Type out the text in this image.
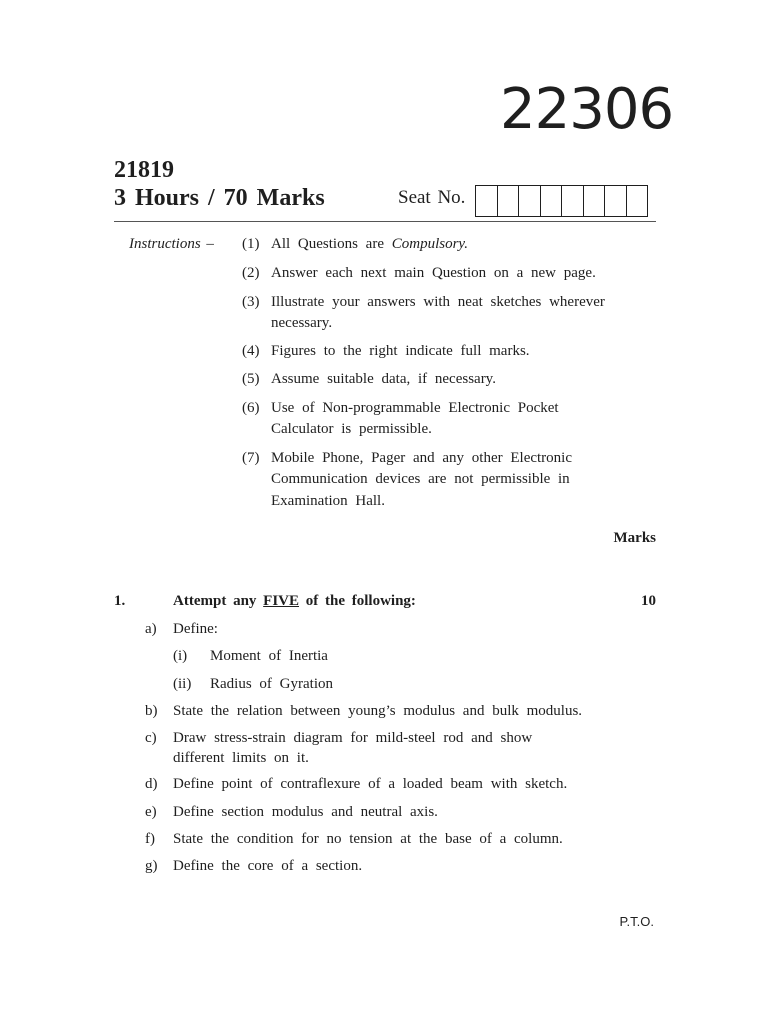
22306
21819
3 Hours / 70 Marks	Seat No.
Instructions – (1) All Questions are Compulsory.
(2) Answer each next main Question on a new page.
(3) Illustrate your answers with neat sketches wherever
necessary.
(4) Figures to the right indicate full marks.
(5) Assume suitable data, if necessary.
(6) Use of Non-programmable Electronic Pocket
Calculator is permissible.
(7) Mobile Phone, Pager and any other Electronic
Communication devices are not permissible in
Examination Hall.
Marks
1.	Attempt any FIVE of the following:	10
a) Define:
(i) Moment of Inertia
(ii) Radius of Gyration
b) State the relation between young’s modulus and bulk modulus.
c) Draw stress-strain diagram for mild-steel rod and show
different limits on it.
d) Define point of contraflexure of a loaded beam with sketch.
e) Define section modulus and neutral axis.
f) State the condition for no tension at the base of a column.
g) Define the core of a section.
P.T.O.
